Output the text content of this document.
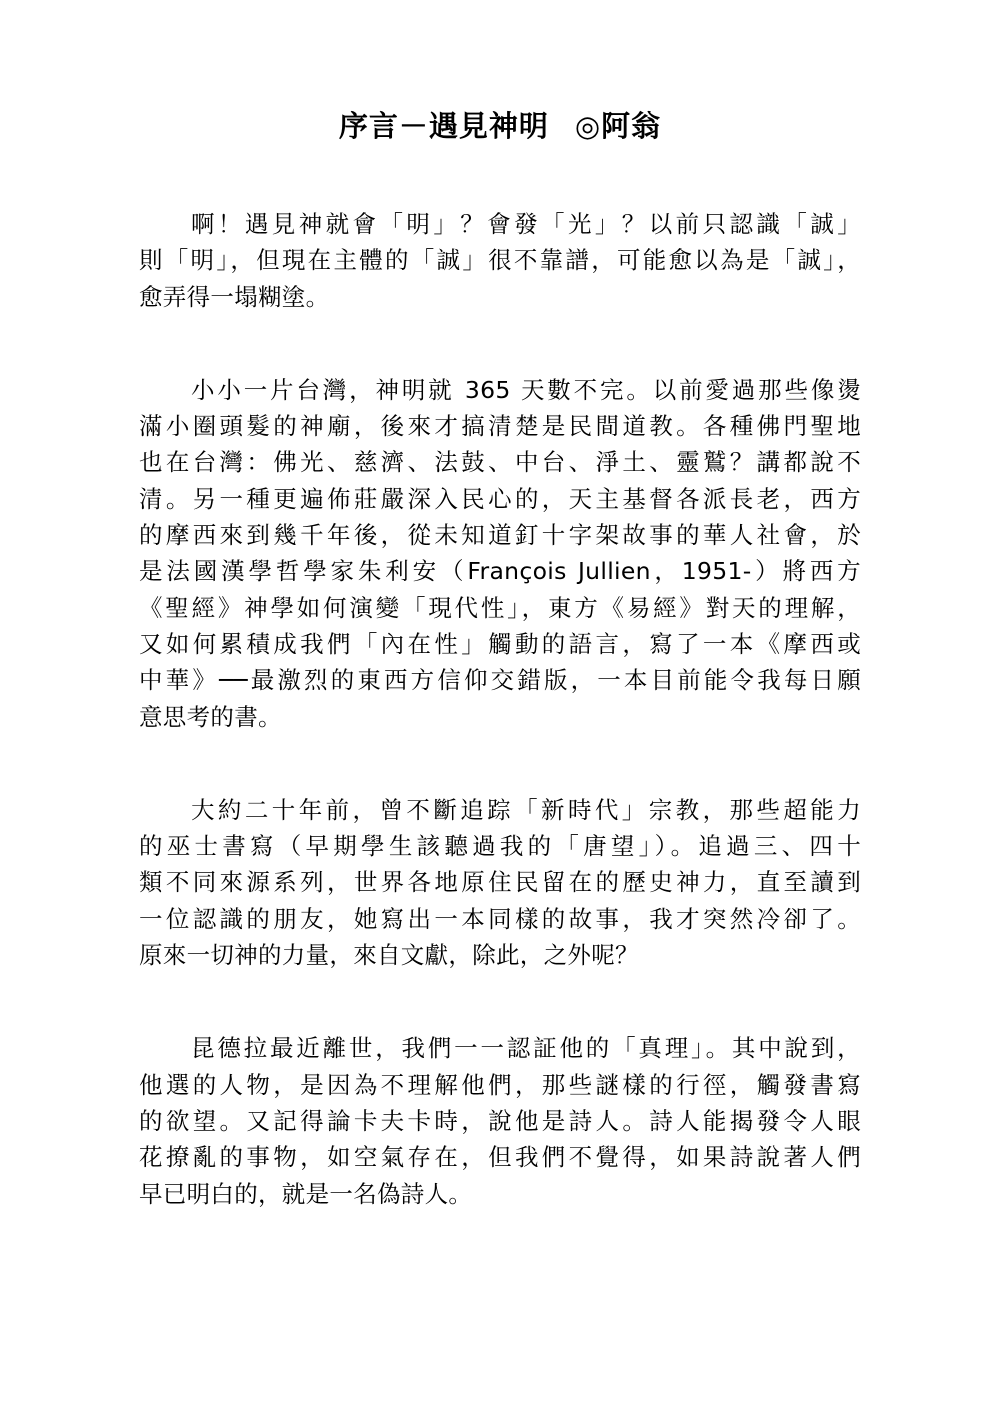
序言－遇見神明 ◎阿翁

啊！遇見神就會「明」？會發「光」？以前只認識「誠」
則「明」，但現在主體的「誠」很不靠譜，可能愈以為是「誠」，
愈弄得一塌糊塗。

小小一片台灣，神明就 365 天數不完。以前愛過那些像燙
滿小圈頭髮的神廟，後來才搞清楚是民間道教。各種佛門聖地
也在台灣：佛光、慈濟、法鼓、中台、淨土、靈鷲？講都說不
清。另一種更遍佈莊嚴深入民心的，天主基督各派長老，西方
的摩西來到幾千年後，從未知道釘十字架故事的華人社會，於
是法國漢學哲學家朱利安（François Jullien，1951-）將西方
《聖經》神學如何演變「現代性」，東方《易經》對天的理解，
又如何累積成我們「內在性」觸動的語言，寫了一本《摩西或
中華》──最激烈的東西方信仰交錯版，一本目前能令我每日願
意思考的書。

大約二十年前，曾不斷追踪「新時代」宗教，那些超能力
的巫士書寫（早期學生該聽過我的「唐望」）。追過三、四十
類不同來源系列，世界各地原住民留在的歷史神力，直至讀到
一位認識的朋友，她寫出一本同樣的故事，我才突然冷卻了。
原來一切神的力量，來自文獻，除此，之外呢？

昆德拉最近離世，我們一一認証他的「真理」。其中說到，
他選的人物，是因為不理解他們，那些謎樣的行徑，觸發書寫
的欲望。又記得論卡夫卡時，說他是詩人。詩人能揭發令人眼
花撩亂的事物，如空氣存在，但我們不覺得，如果詩說著人們
早已明白的，就是一名偽詩人。
